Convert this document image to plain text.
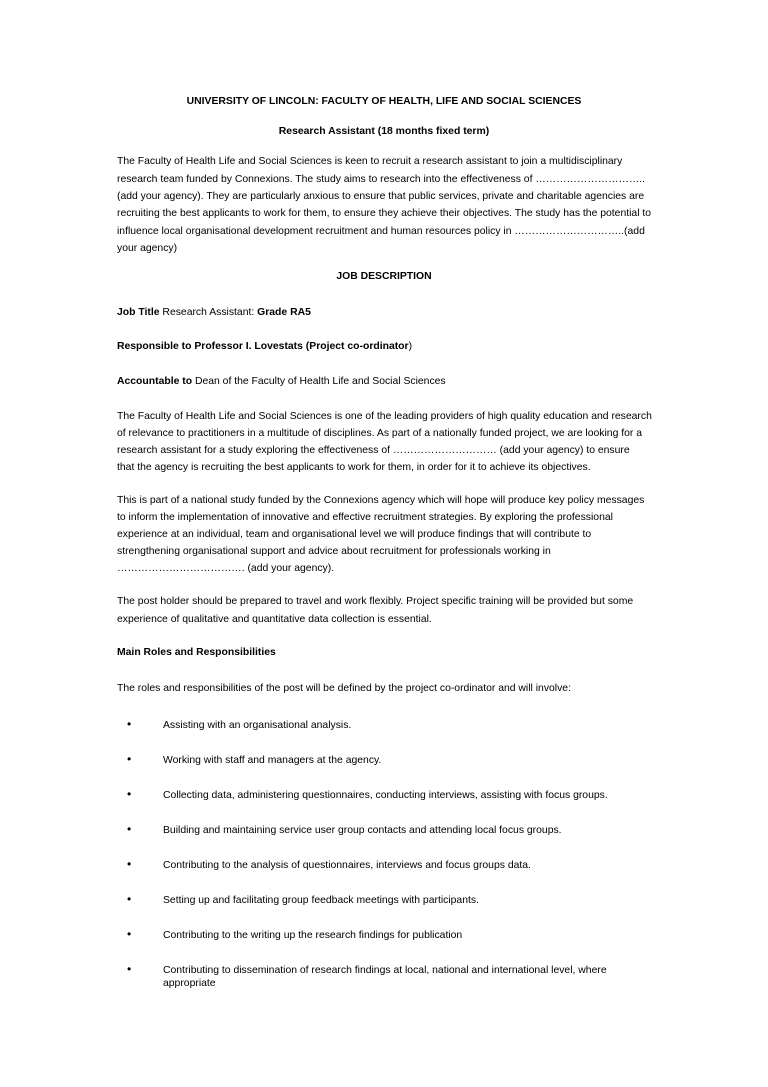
UNIVERSITY OF LINCOLN: FACULTY OF HEALTH, LIFE AND SOCIAL SCIENCES
Research Assistant (18 months fixed term)
The Faculty of Health Life and Social Sciences is keen to recruit a research assistant to join a multidisciplinary
research team funded by Connexions. The study aims to research into the effectiveness of …………………………..
(add your agency). They are particularly anxious to ensure that public services, private and charitable agencies are
recruiting the best applicants to work for them, to ensure they achieve their objectives. The study has the potential to
influence local organisational development recruitment and human resources policy in …………………………..(add
your agency)
JOB DESCRIPTION
Job Title Research Assistant: Grade RA5
Responsible to Professor I. Lovestats (Project co-ordinator)
Accountable to Dean of the Faculty of Health Life and Social Sciences
The Faculty of Health Life and Social Sciences is one of the leading providers of high quality education and research
of relevance to practitioners in a multitude of disciplines. As part of a nationally funded project, we are looking for a
research assistant for a study exploring the effectiveness of ………………………… (add your agency) to ensure
that the agency is recruiting the best applicants to work for them, in order for it to achieve its objectives.
This is part of a national study funded by the Connexions agency which will hope will produce key policy messages
to inform the implementation of innovative and effective recruitment strategies. By exploring the professional
experience at an individual, team and organisational level we will produce findings that will contribute to
strengthening organisational support and advice about recruitment for professionals working in
………………………………. (add your agency).
The post holder should be prepared to travel and work flexibly. Project specific training will be provided but some
experience of qualitative and quantitative data collection is essential.
Main Roles and Responsibilities
The roles and responsibilities of the post will be defined by the project co-ordinator and will involve:
•	Assisting with an organisational analysis.
•	Working with staff and managers at the agency.
•	Collecting data, administering questionnaires, conducting interviews, assisting with focus groups.
•	Building and maintaining service user group contacts and attending local focus groups.
•	Contributing to the analysis of questionnaires, interviews and focus groups data.
•	Setting up and facilitating group feedback meetings with participants.
•	Contributing to the writing up the research findings for publication
•	Contributing to dissemination of research findings at local, national and international level, where
appropriate
